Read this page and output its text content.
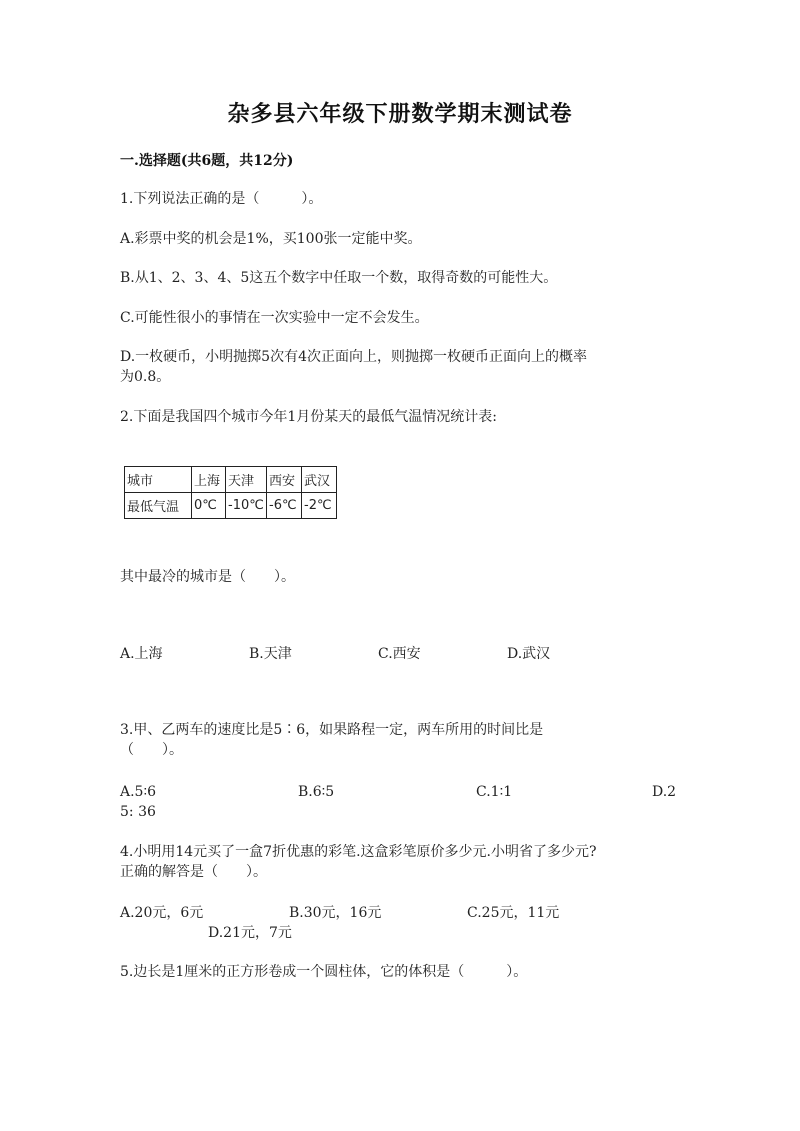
杂多县六年级下册数学期末测试卷
一.选择题(共6题，共12分)
1.下列说法正确的是（　　　）。
A.彩票中奖的机会是1%，买100张一定能中奖。
B.从1、2、3、4、5这五个数字中任取一个数，取得奇数的可能性大。
C.可能性很小的事情在一次实验中一定不会发生。
D.一枚硬币，小明抛掷5次有4次正面向上，则抛掷一枚硬币正面向上的概率
为0.8。
2.下面是我国四个城市今年1月份某天的最低气温情况统计表:
城市	上海	天津	西安	武汉
最低气温	0℃	-10℃	-6℃	-2℃
其中最冷的城市是（　　）。
A.上海	B.天津	C.西安	D.武汉
3.甲、乙两车的速度比是5∶6，如果路程一定，两车所用的时间比是
（　　）。
A.5∶6	B.6∶5	C.1∶1	D.2
5: 36
4.小明用14元买了一盒7折优惠的彩笔.这盒彩笔原价多少元.小明省了多少元?
正确的解答是（　　）。
A.20元，6元	B.30元，16元	C.25元，11元
D.21元，7元
5.边长是1厘米的正方形卷成一个圆柱体，它的体积是（　　　）。
